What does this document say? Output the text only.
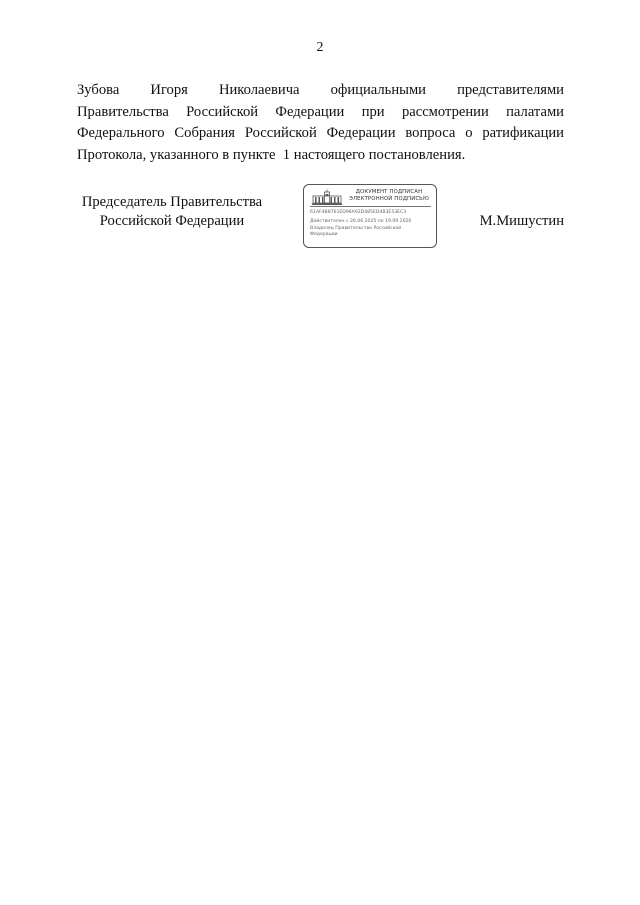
2
Зубова Игоря Николаевича официальными представителями
Правительства Российской Федерации при рассмотрении палатами
Федерального Собрания Российской Федерации вопроса о ратификации
Протокола, указанного в пункте  1 настоящего постановления.
Председатель Правительства
Российской Федерации
ДОКУМЕНТ ПОДПИСАН
ЭЛЕКТРОННОЙ ПОДПИСЬЮ
61AF4B8761ED96A92D485ED4B3E53EC3
Действителен с 26.06.2025 по 19.09.2026
Владелец Правительство Российской Федерации
М.Мишустин
